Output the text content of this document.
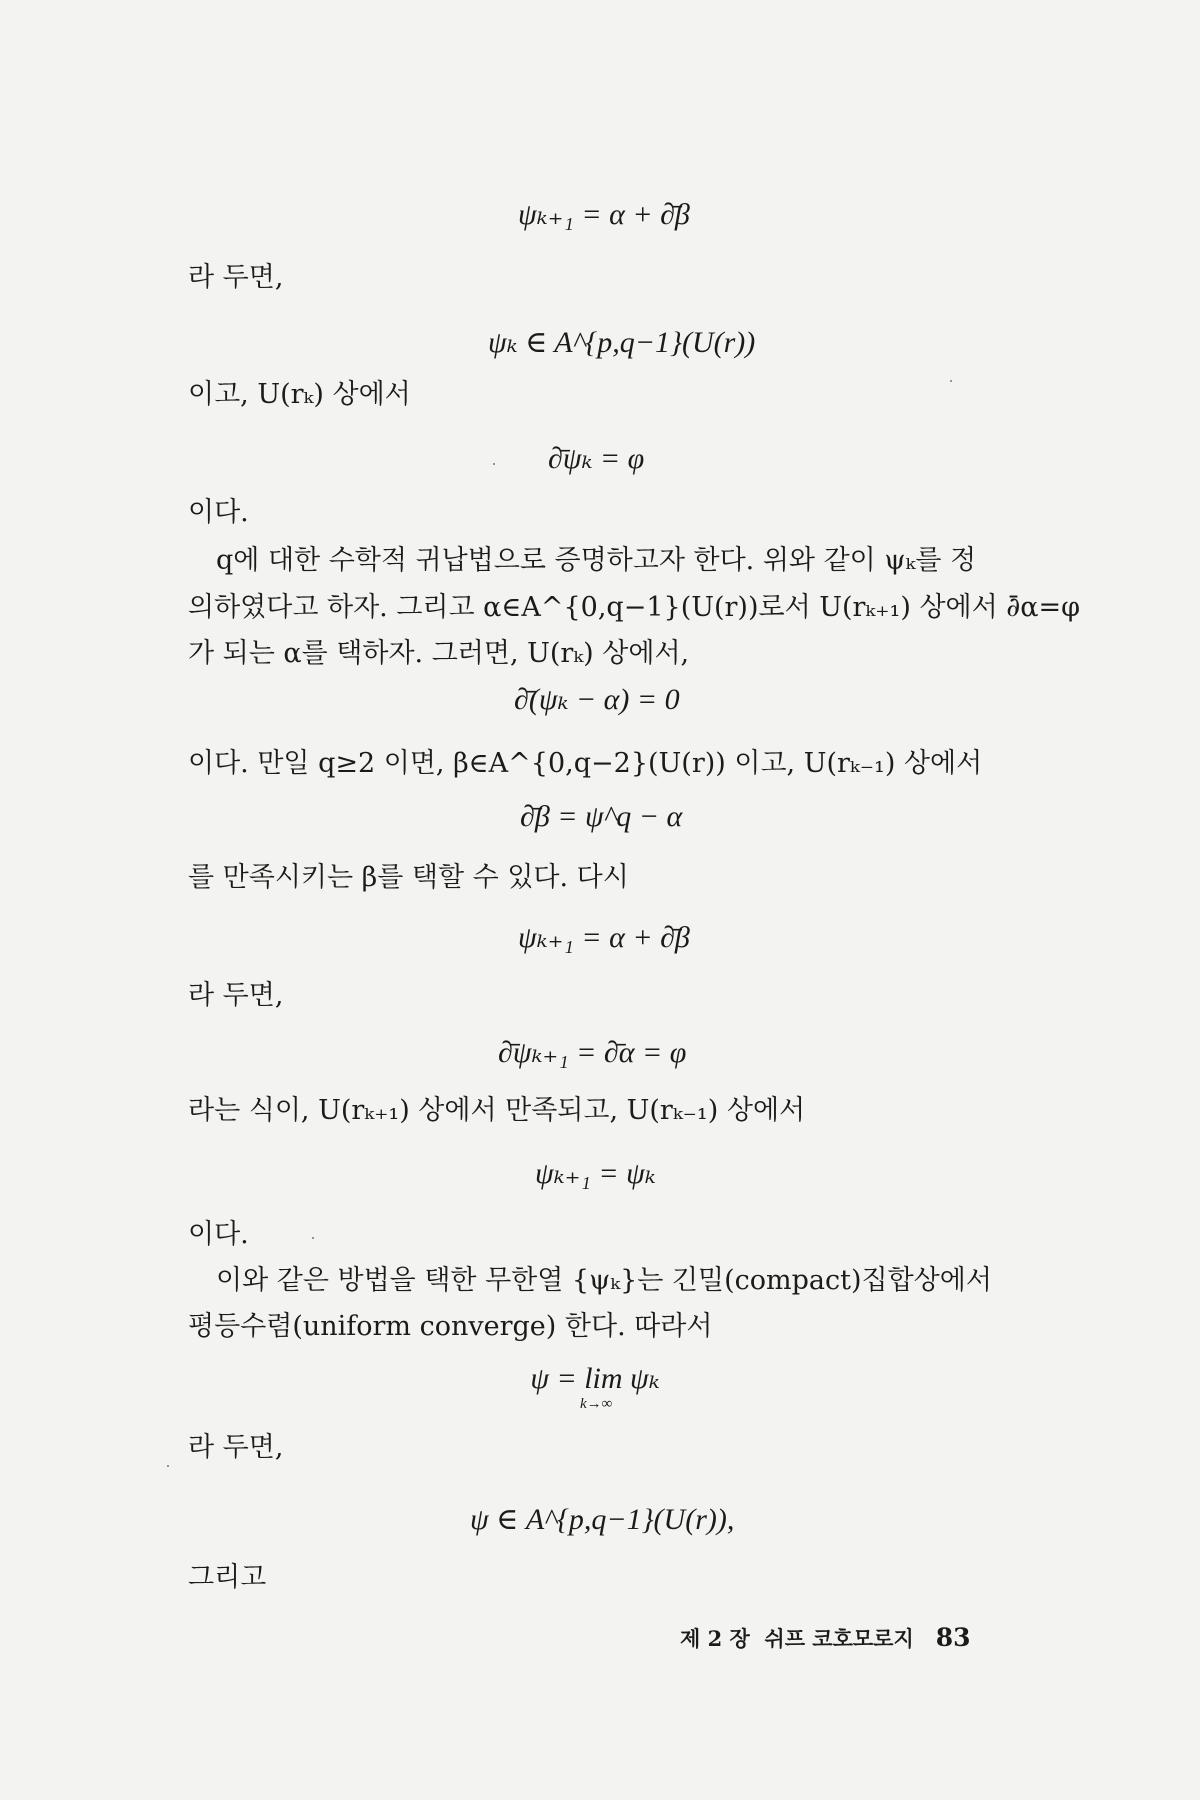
ψₖ₊₁ = α + ∂̄β
라 두면,
ψₖ ∈ A^{p,q−1}(U(r))
이고, U(rₖ) 상에서
∂̄ψₖ = φ
이다.
q에 대한 수학적 귀납법으로 증명하고자 한다. 위와 같이 ψₖ를 정
의하였다고 하자. 그리고 α∈A^{0,q−1}(U(r))로서 U(rₖ₊₁) 상에서 ∂̄α=φ
가 되는 α를 택하자. 그러면, U(rₖ) 상에서,
∂̄(ψₖ − α) = 0
이다. 만일 q≥2 이면, β∈A^{0,q−2}(U(r)) 이고, U(rₖ₋₁) 상에서
∂̄β = ψ^q − α
를 만족시키는 β를 택할 수 있다. 다시
ψₖ₊₁ = α + ∂̄β
라 두면,
∂̄ψₖ₊₁ = ∂̄α = φ
라는 식이, U(rₖ₊₁) 상에서 만족되고, U(rₖ₋₁) 상에서
ψₖ₊₁ = ψₖ
이다.
이와 같은 방법을 택한 무한열 {ψₖ}는 긴밀(compact)집합상에서
평등수렴(uniform converge) 한다. 따라서
ψ = lim ψₖ
k→∞
라 두면,
ψ ∈ A^{p,q−1}(U(r)),
그리고
제 2 장  쉬프 코호모로지 83
